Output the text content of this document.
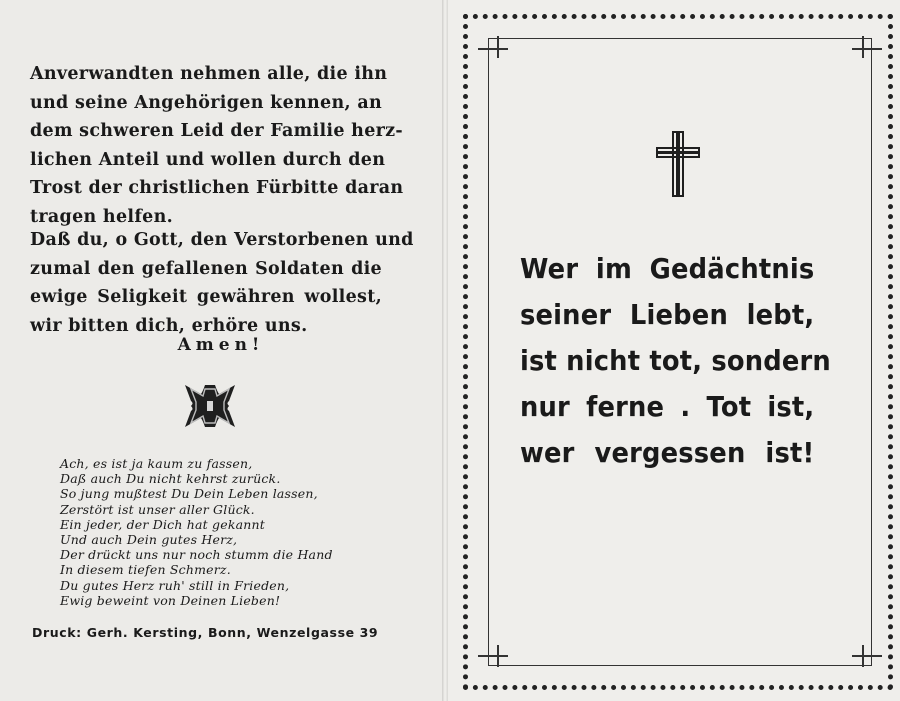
Anverwandten nehmen alle, die ihn
und seine Angehörigen kennen, an
dem schweren Leid der Familie herz-
lichen Anteil und wollen durch den
Trost der christlichen Fürbitte daran
tragen helfen.
Daß du, o Gott, den Verstorbenen und
zumal den gefallenen Soldaten die
ewige Seligkeit gewähren wollest,
wir bitten dich, erhöre uns.
Amen!
Ach, es ist ja kaum zu fassen,
Daß auch Du nicht kehrst zurück.
So jung mußtest Du Dein Leben lassen,
Zerstört ist unser aller Glück.
Ein jeder, der Dich hat gekannt
Und auch Dein gutes Herz,
Der drückt uns nur noch stumm die Hand
In diesem tiefen Schmerz.
Du gutes Herz ruh' still in Frieden,
Ewig beweint von Deinen Lieben!
Druck: Gerh. Kersting, Bonn, Wenzelgasse 39
Wer im Gedächtnis
seiner Lieben lebt,
ist nicht tot, sondern
nur ferne . Tot ist,
wer vergessen ist!
